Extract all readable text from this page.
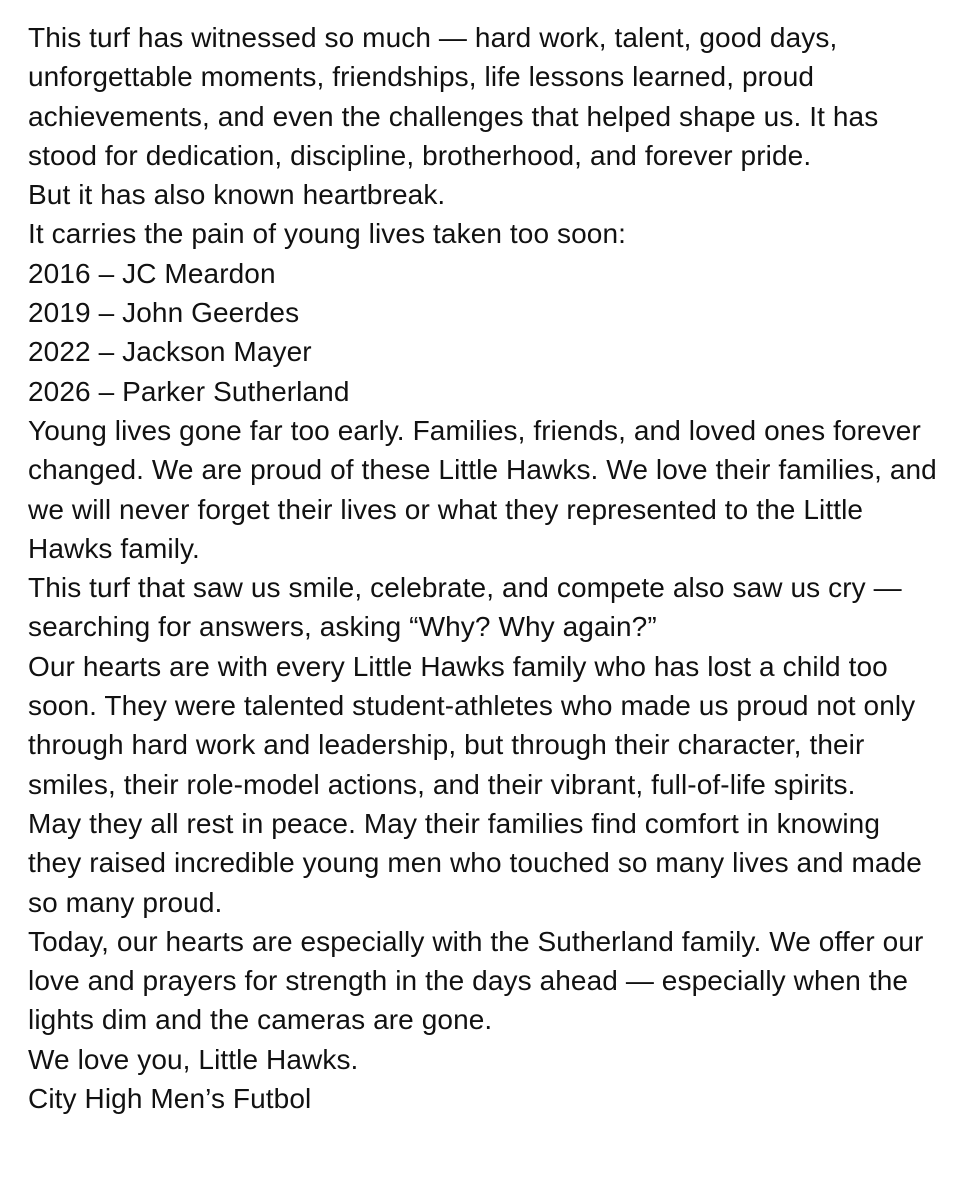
This turf has witnessed so much — hard work, talent, good days, unforgettable moments, friendships, life lessons learned, proud achievements, and even the challenges that helped shape us. It has stood for dedication, discipline, brotherhood, and forever pride.

But it has also known heartbreak.

It carries the pain of young lives taken too soon:

2016 – JC Meardon
2019 – John Geerdes
2022 – Jackson Mayer
2026 – Parker Sutherland

Young lives gone far too early. Families, friends, and loved ones forever changed. We are proud of these Little Hawks. We love their families, and we will never forget their lives or what they represented to the Little Hawks family.

This turf that saw us smile, celebrate, and compete also saw us cry — searching for answers, asking “Why? Why again?”

Our hearts are with every Little Hawks family who has lost a child too soon. They were talented student-athletes who made us proud not only through hard work and leadership, but through their character, their smiles, their role-model actions, and their vibrant, full-of-life spirits.

May they all rest in peace. May their families find comfort in knowing they raised incredible young men who touched so many lives and made so many proud.

Today, our hearts are especially with the Sutherland family. We offer our love and prayers for strength in the days ahead — especially when the lights dim and the cameras are gone.

We love you, Little Hawks.

City High Men’s Futbol
